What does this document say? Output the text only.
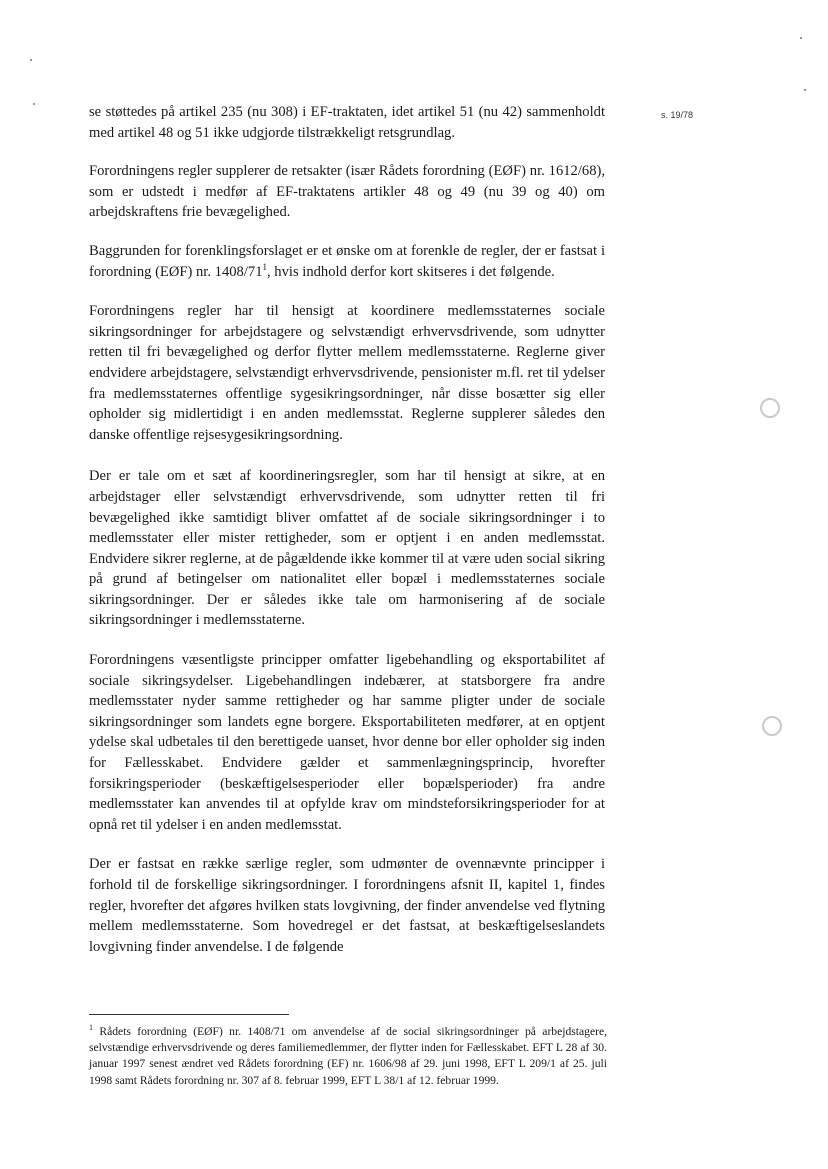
s. 19/78

se støttedes på artikel 235 (nu 308) i EF-traktaten, idet artikel 51 (nu 42) sammenholdt med artikel 48 og 51 ikke udgjorde tilstrækkeligt retsgrundlag.

Forordningens regler supplerer de retsakter (især Rådets forordning (EØF) nr. 1612/68), som er udstedt i medfør af EF-traktatens artikler 48 og 49 (nu 39 og 40) om arbejdskraftens frie bevægelighed.

Baggrunden for forenklingsforslaget er et ønske om at forenkle de regler, der er fastsat i forordning (EØF) nr. 1408/71$^1$, hvis indhold derfor kort skitseres i det følgende.

Forordningens regler har til hensigt at koordinere medlemsstaternes sociale sikringsordninger for arbejdstagere og selvstændigt erhvervsdrivende, som udnytter retten til fri bevægelighed og derfor flytter mellem medlemsstaterne. Reglerne giver endvidere arbejdstagere, selvstændigt erhvervsdrivende, pensionister m.fl. ret til ydelser fra medlemsstaternes offentlige sygesikringsordninger, når disse bosætter sig eller opholder sig midlertidigt i en anden medlemsstat. Reglerne supplerer således den danske offentlige rejsesygesikringsordning.

Der er tale om et sæt af koordineringsregler, som har til hensigt at sikre, at en arbejdstager eller selvstændigt erhvervsdrivende, som udnytter retten til fri bevægelighed ikke samtidigt bliver omfattet af de sociale sikringsordninger i to medlemsstater eller mister rettigheder, som er optjent i en anden medlemsstat. Endvidere sikrer reglerne, at de pågældende ikke kommer til at være uden social sikring på grund af betingelser om nationalitet eller bopæl i medlemsstaternes sociale sikringsordninger. Der er således ikke tale om harmonisering af de sociale sikringsordninger i medlemsstaterne.

Forordningens væsentligste principper omfatter ligebehandling og eksportabilitet af sociale sikringsydelser. Ligebehandlingen indebærer, at statsborgere fra andre medlemsstater nyder samme rettigheder og har samme pligter under de sociale sikringsordninger som landets egne borgere. Eksportabiliteten medfører, at en optjent ydelse skal udbetales til den berettigede uanset, hvor denne bor eller opholder sig inden for Fællesskabet. Endvidere gælder et sammenlægningsprincip, hvorefter forsikringsperioder (beskæftigelsesperioder eller bopælsperioder) fra andre medlemsstater kan anvendes til at opfylde krav om mindsteforsikringsperioder for at opnå ret til ydelser i en anden medlemsstat.

Der er fastsat en række særlige regler, som udmønter de ovennævnte principper i forhold til de forskellige sikringsordninger. I forordningens afsnit II, kapitel 1, findes regler, hvorefter det afgøres hvilken stats lovgivning, der finder anvendelse ved flytning mellem medlemsstaterne. Som hovedregel er det fastsat, at beskæftigelseslandets lovgivning finder anvendelse. I de følgende

$^1$ Rådets forordning (EØF) nr. 1408/71 om anvendelse af de social sikringsordninger på arbejdstagere, selvstændige erhvervsdrivende og deres familiemedlemmer, der flytter inden for Fællesskabet. EFT L 28 af 30. januar 1997 senest ændret ved Rådets forordning (EF) nr. 1606/98 af 29. juni 1998, EFT L 209/1 af 25. juli 1998 samt Rådets forordning nr. 307 af 8. februar 1999, EFT L 38/1 af 12. februar 1999.
